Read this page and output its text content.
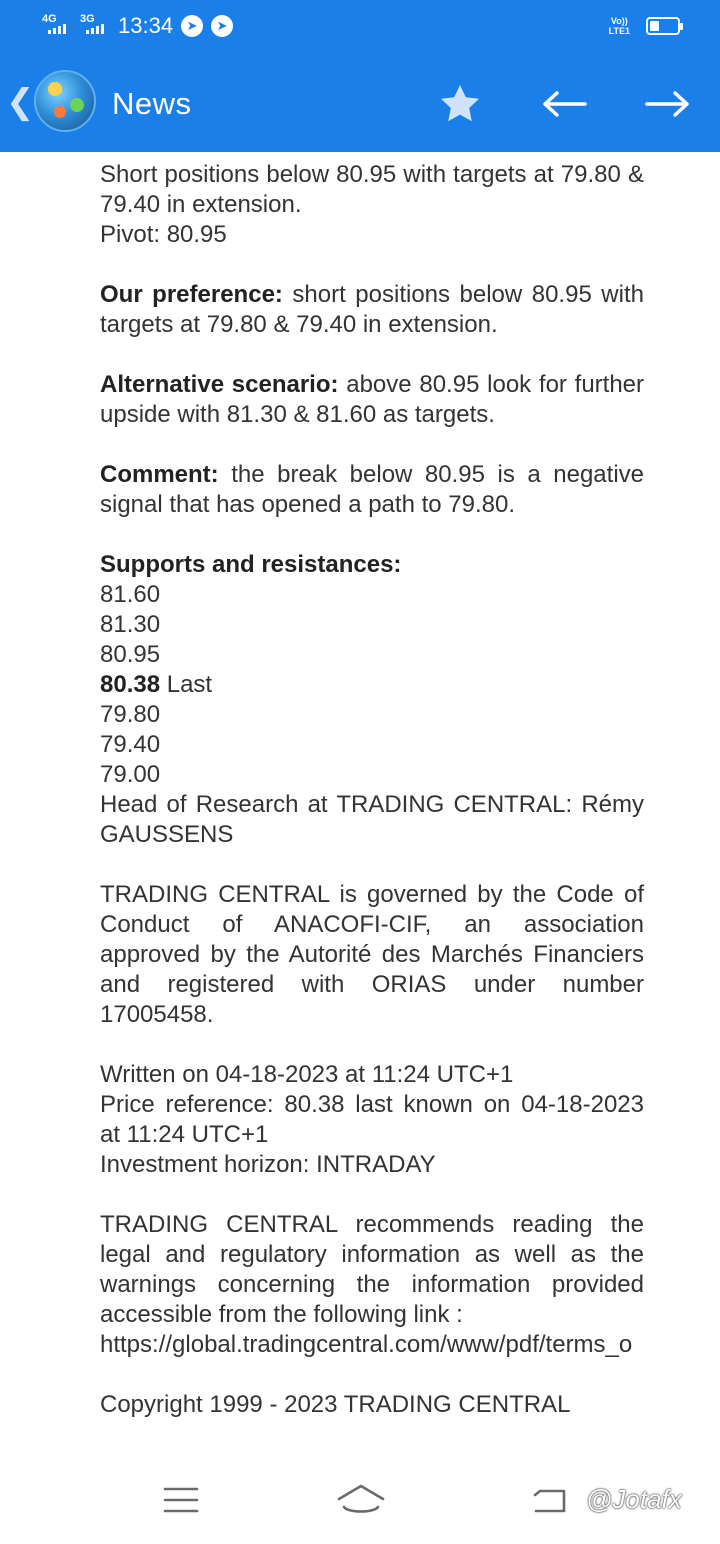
4G 3G 13:34	➤	➤	Vo))
LTE1
❮	News

Short positions below 80.95 with targets at 79.80 & 79.40 in extension.

Pivot: 80.95

Our preference: short positions below 80.95 with targets at 79.80 & 79.40 in extension.

Alternative scenario: above 80.95 look for further upside with 81.30 & 81.60 as targets.

Comment: the break below 80.95 is a negative signal that has opened a path to 79.80.

Supports and resistances:

81.60
81.30
80.95
80.38 Last
79.80
79.40
79.00

Head of Research at TRADING CENTRAL: Rémy GAUSSENS

TRADING CENTRAL is governed by the Code of Conduct of ANACOFI-CIF, an association approved by the Autorité des Marchés Financiers and registered with ORIAS under number 17005458.

Written on 04-18-2023 at 11:24 UTC+1

Price reference: 80.38 last known on 04-18-2023 at 11:24 UTC+1

Investment horizon: INTRADAY

TRADING CENTRAL recommends reading the legal and regulatory information as well as the warnings concerning the information provided accessible from the following link :

https://global.tradingcentral.com/www/pdf/terms_o

Copyright 1999 - 2023 TRADING CENTRAL

@Jotafx
